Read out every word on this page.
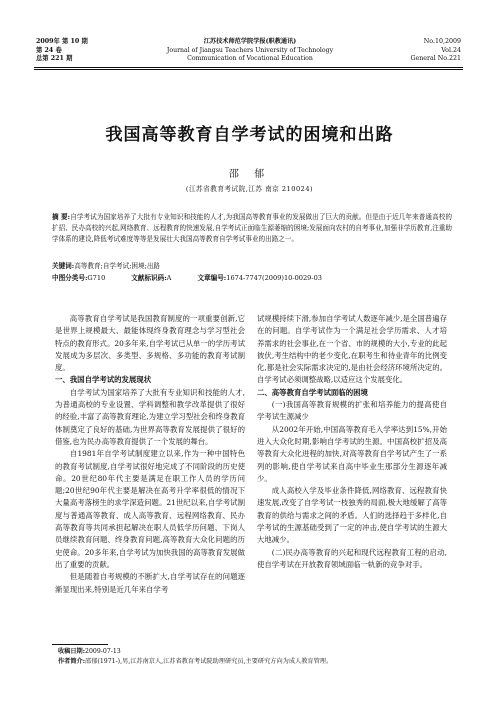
2009年 第 10 期
第 24 卷
总第 221 期
江苏技术师范学院学报(职教通讯)
Journal of Jiangsu Teachers University of Technology
Communication of Vocational Education
No.10,2009
Vol.24
General No.221
我国高等教育自学考试的困境和出路
邵 郁
(江苏省教育考试院,江苏 南京 210024)
摘 要:自学考试为国家培养了大批有专业知识和技能的人才,为我国高等教育事业的发展做出了巨大的贡献。但是由于近几年来普通高校的扩招、民办高校的兴起,网络教育、远程教育的快速发展,自学考试正面临生源萎缩的困境;发展面向农村的自考事业,加强非学历教育,注重助学体系的建设,降低考试难度等等是发展壮大我国高等教育自学考试事业的出路之一。
关键词:高等教育;自学考试;困境;出路
中图分类号:G710	文献标识码:A	文章编号:1674-7747(2009)10-0029-03

高等教育自学考试是我国教育制度的一项重要创新,它是世界上规模最大、最能体现终身教育理念与学习型社会特点的教育形式。20多年来,自学考试已从单一的学历考试发展成为多层次、多类型、多规格、多功能的教育考试制度。

一、我国自学考试的发展现状

自学考试为国家培养了大批有专业知识和技能的人才,为普通高校的专业设置、学科调整和教学改革提供了很好的经验,丰富了高等教育理论,为建立学习型社会和终身教育体制奠定了良好的基础,为世界高等教育发展提供了很好的借鉴,也为民办高等教育提供了一个发展的舞台。

自1981年自学考试制度建立以来,作为一种中国特色的教育考试制度,自学考试很好地完成了不同阶段的历史使命。20世纪80年代主要是满足在职工作人员的学历问题;20世纪90年代主要是解决在高考升学率很低的情况下大量高考落榜生的求学深造问题。21世纪以来,自学考试制度与普通高等教育、成人高等教育、远程网络教育、民办高等教育等共同承担起解决在职人员低学历问题、下岗人员继续教育问题、终身教育问题,高等教育大众化问题的历史使命。20多年来,自学考试为加快我国的高等教育发展做出了重要的贡献。

但是随着自考规模的不断扩大,自学考试存在的问题逐渐显现出来,特别是近几年来自学考

试规模持续下滑,参加自学考试人数逐年减少,是全国普遍存在的问题。自学考试作为一个满足社会学历需求、人才培养需求的社会事业,在一个省、市的规模的大小,专业的此起彼伏,考生结构中的老少变化,在职考生和待业青年的比例变化,都是社会实际需求决定的,是由社会经济环境所决定的。自学考试必须调整战略,以适应这个发展变化。

二、高等教育自学考试面临的困境
(一)我国高等教育规模的扩张和培养能力的提高使自学考试生源减少

从2002年开始,中国高等教育毛入学率达到15%,开始进入大众化时期,影响自学考试的生源。中国高校扩招及高等教育大众化进程的加快,对高等教育自学考试产生了一系列的影响,使自学考试来自高中毕业生那部分生源逐年减少。

成人高校入学及毕业条件降低,网络教育、远程教育快速发展,改变了自学考试一枝独秀的局面,极大地缓解了高等教育的供给与需求之间的矛盾。人们的选择趋于多样化,自学考试的生源基础受到了一定的冲击,使自学考试的生源大大地减少。

(二)民办高等教育的兴起和现代远程教育工程的启动,使自学考试在开放教育领域面临一轨新的竞争对手。
收稿日期:2009-07-13
作者简介:邵郁(1971-),男,江苏南京人,江苏省教育考试院助理研究员,主要研究方向为成人教育管理。
